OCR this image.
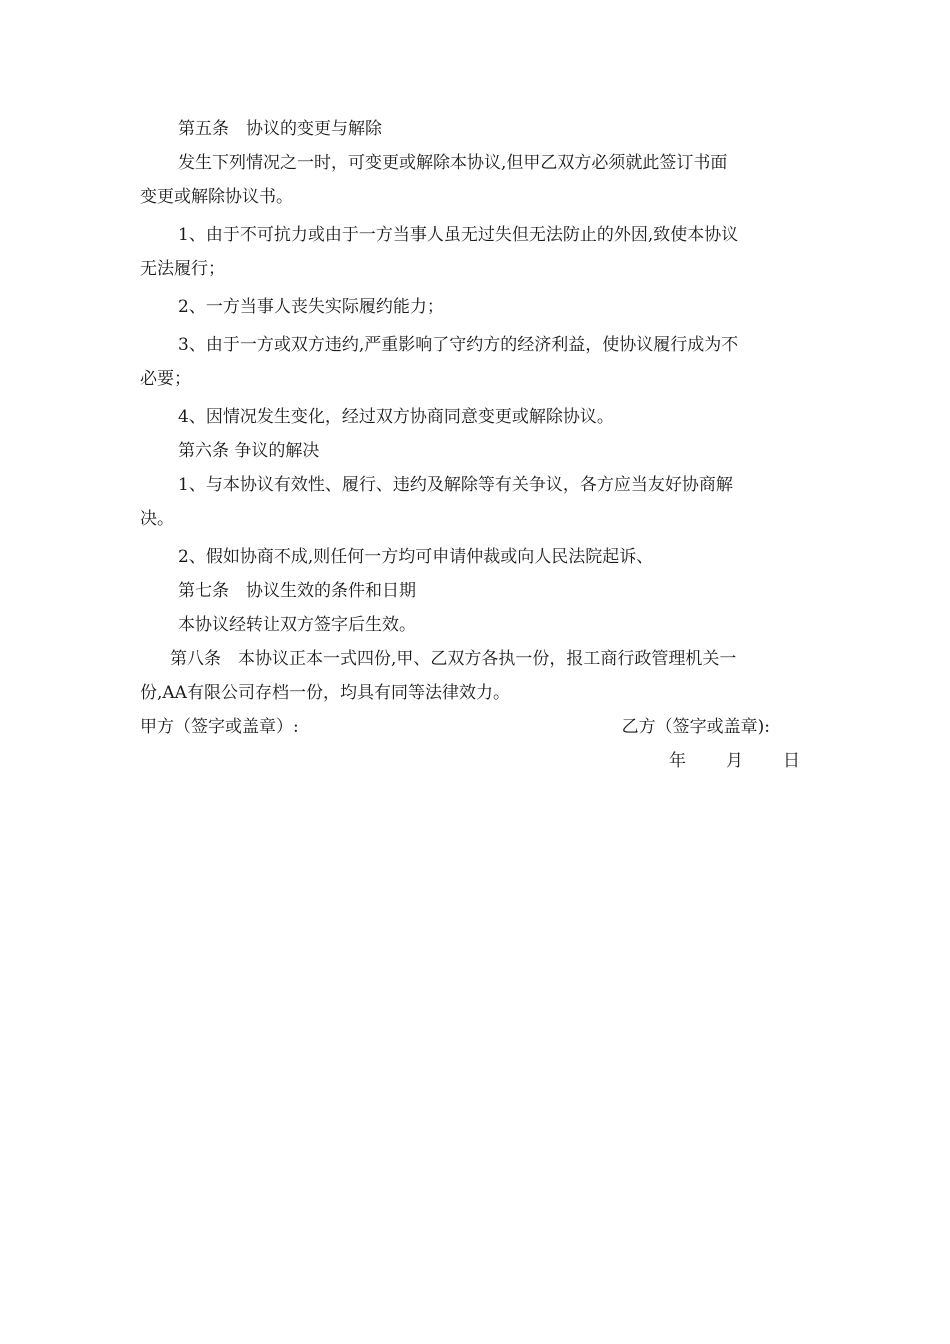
第五条　协议的变更与解除

发生下列情况之一时，可变更或解除本协议,但甲乙双方必须就此签订书面

变更或解除协议书。

1、由于不可抗力或由于一方当事人虽无过失但无法防止的外因,致使本协议

无法履行；

2、一方当事人丧失实际履约能力；

3、由于一方或双方违约,严重影响了守约方的经济利益，使协议履行成为不

必要；

4、因情况发生变化，经过双方协商同意变更或解除协议。

第六条 争议的解决

1、与本协议有效性、履行、违约及解除等有关争议，各方应当友好协商解

决。

2、假如协商不成,则任何一方均可申请仲裁或向人民法院起诉、

第七条　协议生效的条件和日期

本协议经转让双方签字后生效。

第八条　本协议正本一式四份,甲、乙双方各执一份，报工商行政管理机关一

份,AA有限公司存档一份，均具有同等法律效力。

甲方（签字或盖章）:	乙方（签字或盖章):
年 月 日
